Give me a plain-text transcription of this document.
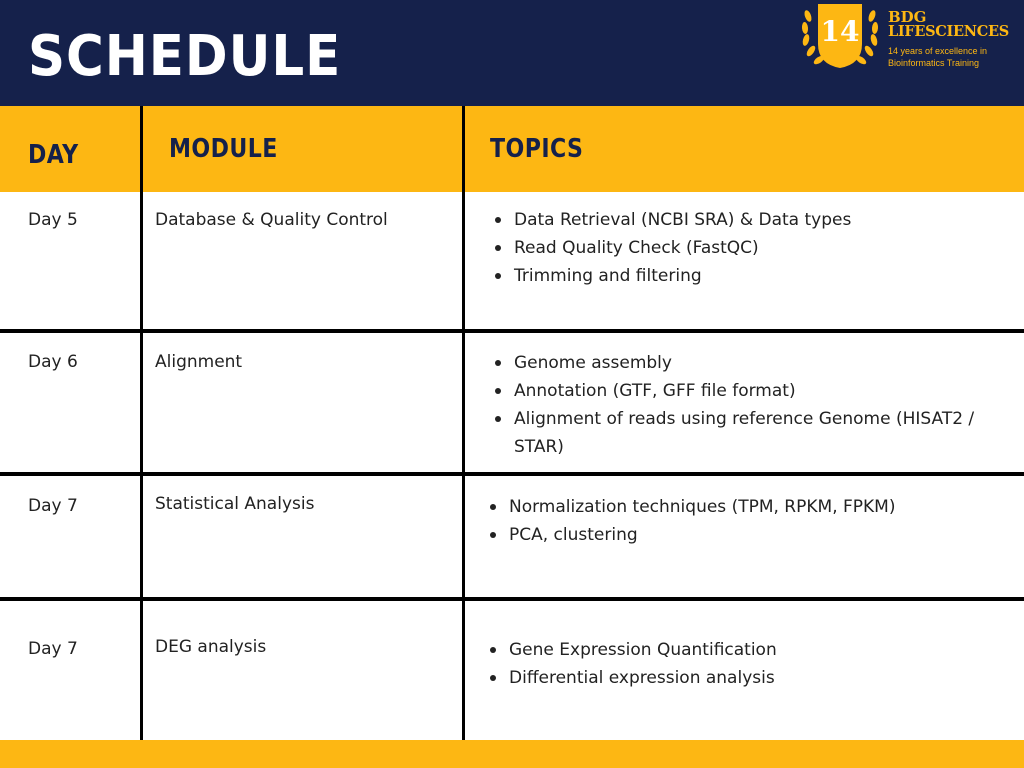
SCHEDULE	14 BDG
LIFESCIENCES
14 years of excellence in
Bioinformatics Training
DAY	MODULE	TOPICS
Day 5	Database & Quality Control	Data Retrieval (NCBI SRA) & Data types
Read Quality Check (FastQC)
Trimming and filtering
Day 6	Alignment	Genome assembly
Annotation (GTF, GFF file format)
Alignment of reads using reference Genome (HISAT2 / STAR)
Day 7	Statistical Analysis	Normalization techniques (TPM, RPKM, FPKM)
PCA, clustering
Day 7	DEG analysis	Gene Expression Quantification
Differential expression analysis
